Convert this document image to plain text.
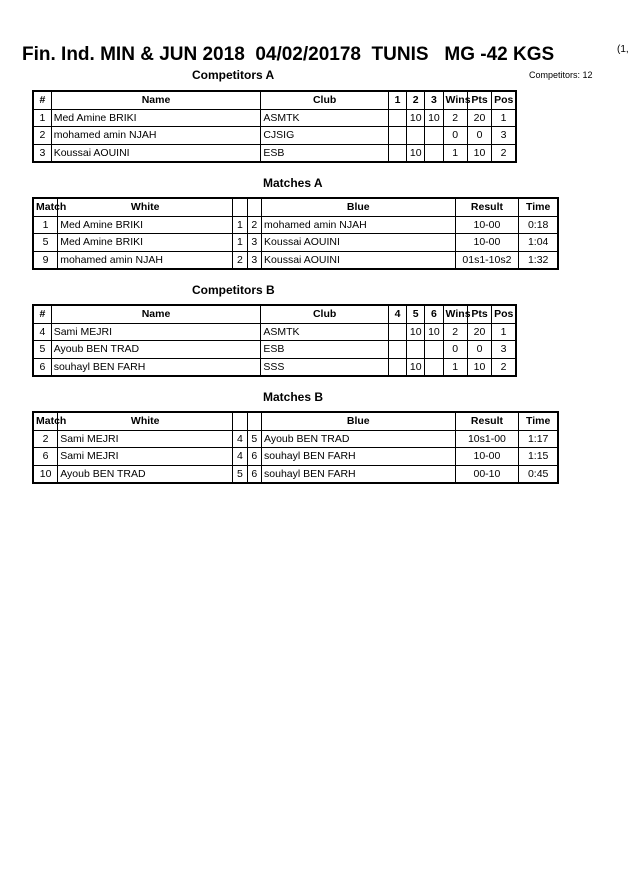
Fin. Ind. MIN & JUN 2018  04/02/20178  TUNIS   MG -42 KGS	(1,
Competitors: 12
Competitors A
#	Name	Club	1	2	3	Wins	Pts	Pos
1	Med Amine BRIKI	ASMTK		10	10	2	20	1
2	mohamed amin NJAH	CJSIG				0	0	3
3	Koussai AOUINI	ESB		10		1	10	2
Matches A
Match	White			Blue	Result	Time
1	Med Amine BRIKI	1	2	mohamed amin NJAH	10-00	0:18
5	Med Amine BRIKI	1	3	Koussai AOUINI	10-00	1:04
9	mohamed amin NJAH	2	3	Koussai AOUINI	01s1-10s2	1:32
Competitors B
#	Name	Club	4	5	6	Wins	Pts	Pos
4	Sami MEJRI	ASMTK		10	10	2	20	1
5	Ayoub BEN TRAD	ESB				0	0	3
6	souhayl BEN FARH	SSS		10		1	10	2
Matches B
Match	White			Blue	Result	Time
2	Sami MEJRI	4	5	Ayoub BEN TRAD	10s1-00	1:17
6	Sami MEJRI	4	6	souhayl BEN FARH	10-00	1:15
10	Ayoub BEN TRAD	5	6	souhayl BEN FARH	00-10	0:45
